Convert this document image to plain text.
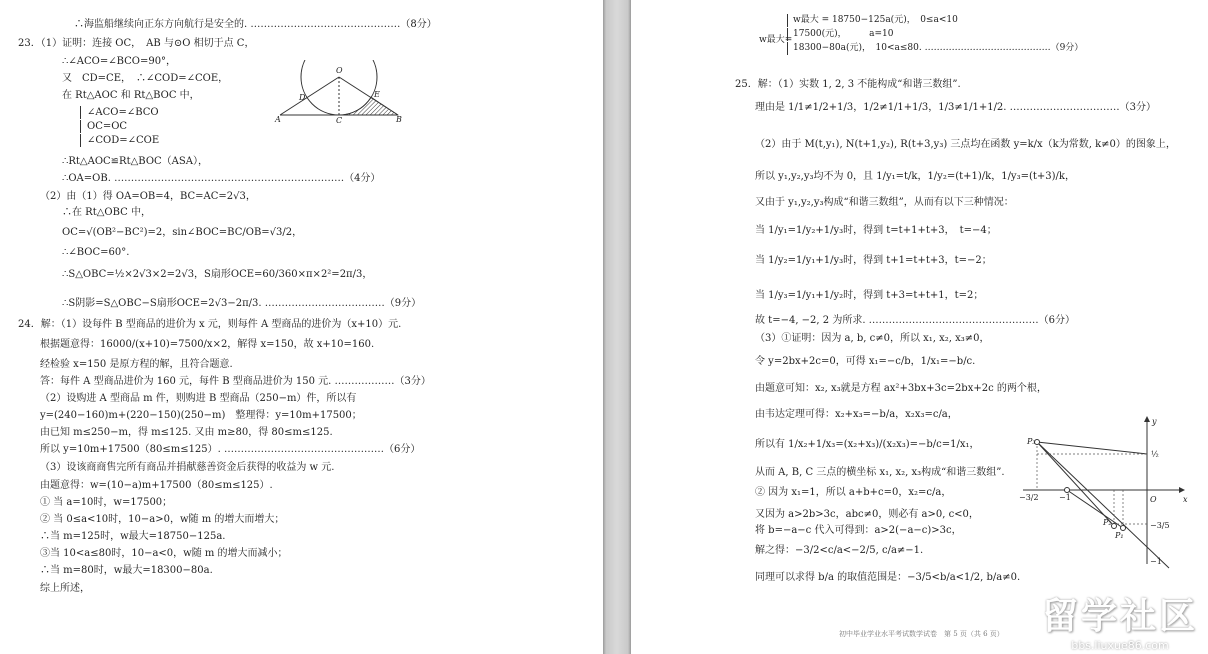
∴海监船继续向正东方向航行是安全的. ………………………………………（8分）
23．（1）证明：连接 OC，　AB 与⊙O 相切于点 C，
∴∠ACO=∠BCO=90°，
又　CD=CE，　∴∠COD=∠COE，
在 Rt△AOC 和 Rt△BOC 中，
∠ACO=∠BCO
OC=OC
∠COD=∠COE
∴Rt△AOC≌Rt△BOC（ASA），
∴OA=OB. ……………………………………………………………（4分）
（2）由（1）得 OA=OB=4，BC=AC=2√3，
∴在 Rt△OBC 中，
OC=√(OB²−BC²)=2，sin∠BOC=BC/OB=√3/2，
∴∠BOC=60°.
∴S△OBC=½×2√3×2=2√3，S扇形OCE=60/360×π×2²=2π/3，
∴S阴影=S△OBC−S扇形OCE=2√3−2π/3. ………………………………（9分）
24．解：（1）设每件 B 型商品的进价为 x 元，则每件 A 型商品的进价为（x+10）元.
根据题意得：16000/(x+10)=7500/x×2，解得 x=150，故 x+10=160.
经检验 x=150 是原方程的解，且符合题意.
答：每件 A 型商品进价为 160 元，每件 B 型商品进价为 150 元. ………………（3分）
（2）设购进 A 型商品 m 件，则购进 B 型商品（250−m）件，所以有
y=(240−160)m+(220−150)(250−m)　整理得：y=10m+17500；
由已知 m≤250−m，得 m≤125. 又由 m≥80，得 80≤m≤125.
所以 y=10m+17500（80≤m≤125）. …………………………………………（6分）
（3）设该商商售完所有商品并捐献慈善资金后获得的收益为 w 元.
由题意得：w=(10−a)m+17500（80≤m≤125）.
① 当 a=10时，w=17500；
② 当 0≤a<10时，10−a>0，w随 m 的增大而增大；
∴当 m=125时，w最大=18750−125a.
③当 10<a≤80时，10−a<0，w随 m 的增大而减小；
∴当 m=80时，w最大=18300−80a.
综上所述，
O
A	B
C
D	E
w最大=
w最大 = 18750−125a(元)，　0≤a<10
17500(元)，　　　a=10
18300−80a(元)，　10<a≤80. ……………………………………（9分）
25．解：（1）实数 1, 2, 3 不能构成“和谐三数组”.
理由是 1/1≠1/2+1/3，1/2≠1/1+1/3，1/3≠1/1+1/2. ……………………………（3分）
（2）由于 M(t,y₁), N(t+1,y₂), R(t+3,y₃) 三点均在函数 y=k/x（k为常数, k≠0）的图象上，
所以 y₁,y₂,y₃均不为 0，且 1/y₁=t/k，1/y₂=(t+1)/k，1/y₃=(t+3)/k，
又由于 y₁,y₂,y₃构成“和谐三数组”，从而有以下三种情况：
当 1/y₁=1/y₂+1/y₃时，得到 t=t+1+t+3，　t=−4；
当 1/y₂=1/y₁+1/y₃时，得到 t+1=t+t+3，t=−2；
当 1/y₃=1/y₁+1/y₂时，得到 t+3=t+t+1，t=2；
故 t=−4, −2, 2 为所求. ……………………………………………（6分）
（3）①证明：因为 a, b, c≠0，所以 x₁, x₂, x₃≠0，
令 y=2bx+2c=0，可得 x₁=−c/b，1/x₁=−b/c.
由题意可知：x₂, x₃就是方程 ax²+3bx+3c=2bx+2c 的两个根，
由韦达定理可得：x₂+x₃=−b/a，x₂x₃=c/a，
所以有 1/x₂+1/x₃=(x₂+x₃)/(x₂x₃)=−b/c=1/x₁，
从而 A, B, C 三点的横坐标 x₁, x₂, x₃构成“和谐三数组”.
② 因为 x₁=1，所以 a+b+c=0，x₂=c/a，
又因为 a>2b>3c，abc≠0，则必有 a>0, c<0，
将 b=−a−c 代入可得到：a>2(−a−c)>3c，
解之得：−3/2<c/a<−2/5, c/a≠−1.
同理可以求得 b/a 的取值范围是：−3/5<b/a<1/2, b/a≠0.
初中毕业学业水平考试数学试卷　第 5 页（共 6 页）
y
x
O
P₃
P₂
P₁
½
−1
−3/2
−3/5
−1
留学社区
bbs.liuxue86.com
